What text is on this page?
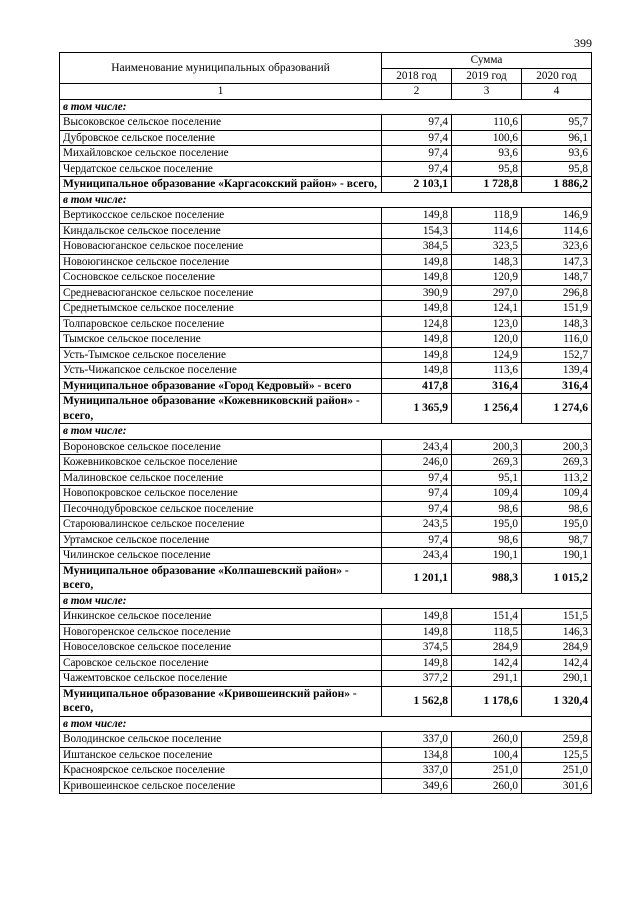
399
Наименование муниципальных образований	Сумма		
	2018 год	2019 год	2020 год
1	2	3	4
в том числе:			
Высоковское сельское поселение	97,4	110,6	95,7
Дубровское сельское поселение	97,4	100,6	96,1
Михайловское сельское поселение	97,4	93,6	93,6
Чердатское сельское поселение	97,4	95,8	95,8
Муниципальное образование «Каргасокский район» - всего,	2 103,1	1 728,8	1 886,2
в том числе:			
Вертикосское сельское поселение	149,8	118,9	146,9
Киндальское сельское поселение	154,3	114,6	114,6
Нововасюганское сельское поселение	384,5	323,5	323,6
Новоюгинское сельское поселение	149,8	148,3	147,3
Сосновское сельское поселение	149,8	120,9	148,7
Средневасюганское сельское поселение	390,9	297,0	296,8
Среднетымское сельское поселение	149,8	124,1	151,9
Толпаровское сельское поселение	124,8	123,0	148,3
Тымское сельское поселение	149,8	120,0	116,0
Усть-Тымское сельское поселение	149,8	124,9	152,7
Усть-Чижапское сельское поселение	149,8	113,6	139,4
Муниципальное образование «Город Кедровый» - всего	417,8	316,4	316,4
Муниципальное образование «Кожевниковский район» - всего,	1 365,9	1 256,4	1 274,6
в том числе:			
Вороновское сельское поселение	243,4	200,3	200,3
Кожевниковское сельское поселение	246,0	269,3	269,3
Малиновское сельское поселение	97,4	95,1	113,2
Новопокровское сельское поселение	97,4	109,4	109,4
Песочнодубровское сельское поселение	97,4	98,6	98,6
Староювалинское сельское поселение	243,5	195,0	195,0
Уртамское сельское поселение	97,4	98,6	98,7
Чилинское сельское поселение	243,4	190,1	190,1
Муниципальное образование «Колпашевский район» - всего,	1 201,1	988,3	1 015,2
в том числе:			
Инкинское сельское поселение	149,8	151,4	151,5
Новогоренское сельское поселение	149,8	118,5	146,3
Новоселовское сельское поселение	374,5	284,9	284,9
Саровское сельское поселение	149,8	142,4	142,4
Чажемтовское сельское поселение	377,2	291,1	290,1
Муниципальное образование «Кривошеинский район» - всего,	1 562,8	1 178,6	1 320,4
в том числе:			
Володинское сельское поселение	337,0	260,0	259,8
Иштанское сельское поселение	134,8	100,4	125,5
Красноярское сельское поселение	337,0	251,0	251,0
Кривошеинское сельское поселение	349,6	260,0	301,6
